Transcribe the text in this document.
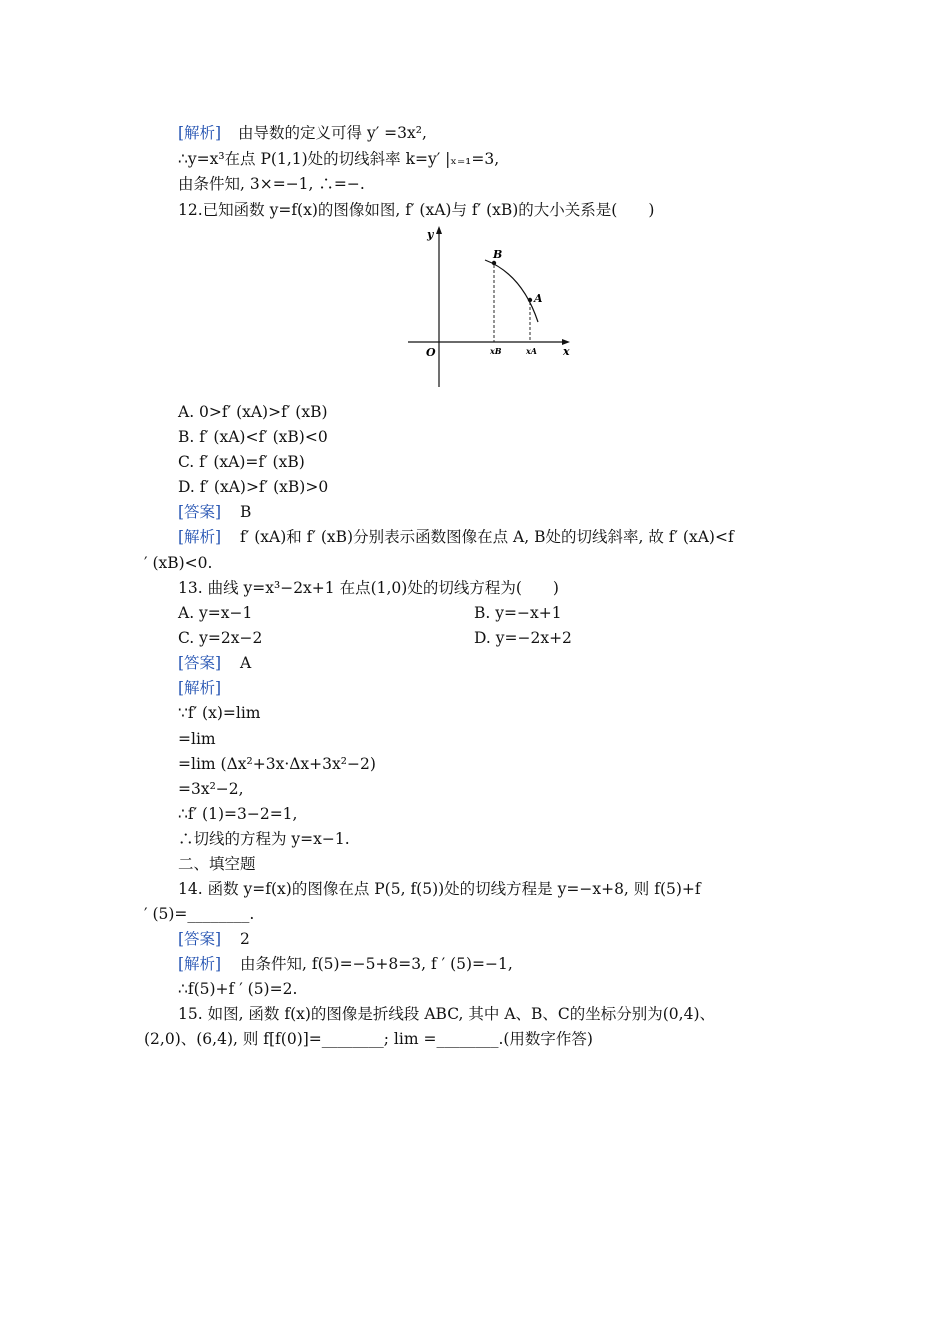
[解析] 由导数的定义可得 y′ =3x²,
∴y=x³在点 P(1,1)处的切线斜率 k=y′ |ₓ₌₁=3,
由条件知, 3×=−1, ∴=−.
12.已知函数 y=f(x)的图像如图, f′ (xA)与 f′ (xB)的大小关系是(　　)
y
x
O
B
A
xB	xA
A. 0>f′ (xA)>f′ (xB)
B. f′ (xA)<f′ (xB)<0
C. f′ (xA)=f′ (xB)
D. f′ (xA)>f′ (xB)>0
[答案] B
[解析] f′ (xA)和 f′ (xB)分别表示函数图像在点 A, B处的切线斜率, 故 f′ (xA)<f
′ (xB)<0.
13. 曲线 y=x³−2x+1 在点(1,0)处的切线方程为(　　)
A. y=x−1	B. y=−x+1
C. y=2x−2	D. y=−2x+2
[答案] A
[解析]
∵f′ (x)=lim
=lim
=lim (Δx²+3x·Δx+3x²−2)
=3x²−2,
∴f′ (1)=3−2=1,
∴切线的方程为 y=x−1.
二、填空题
14. 函数 y=f(x)的图像在点 P(5, f(5))处的切线方程是 y=−x+8, 则 f(5)+f
′ (5)=________.
[答案] 2
[解析] 由条件知, f(5)=−5+8=3, f ′ (5)=−1,
∴f(5)+f ′ (5)=2.
15. 如图, 函数 f(x)的图像是折线段 ABC, 其中 A、B、C的坐标分别为(0,4)、
(2,0)、(6,4), 则 f[f(0)]=________; lim =________.(用数字作答)
